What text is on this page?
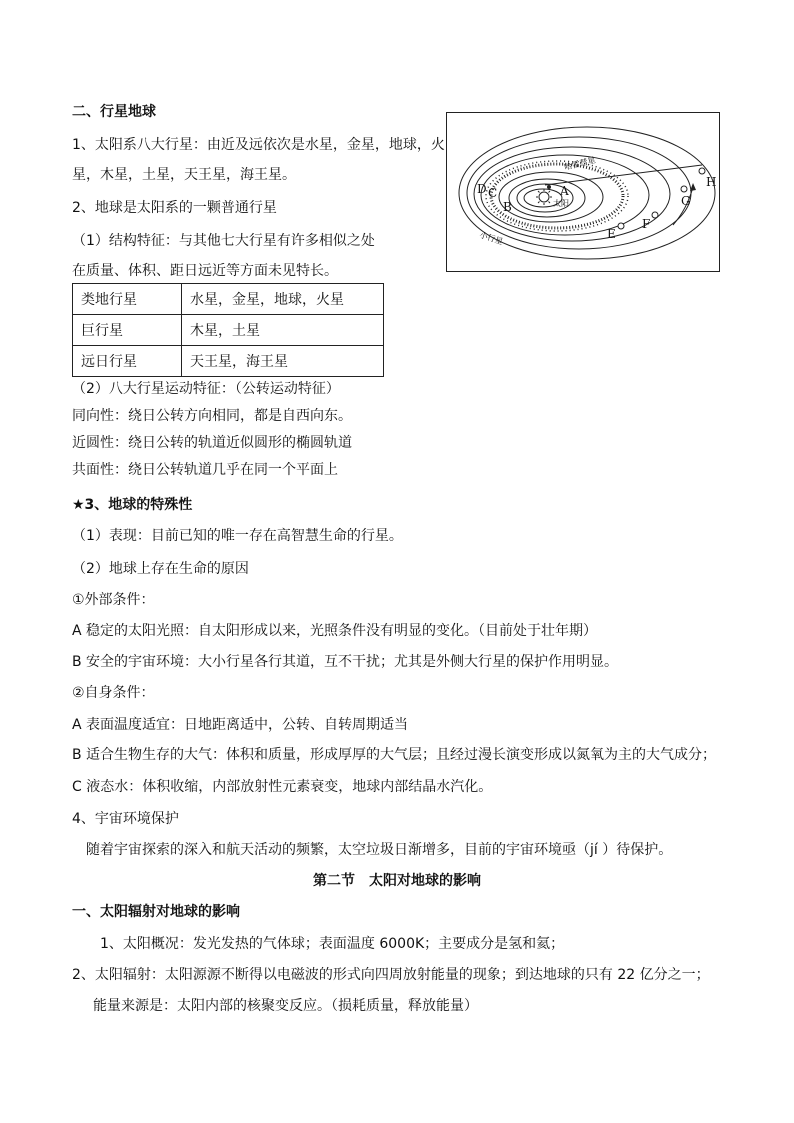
二、行星地球
1、太阳系八大行星：由近及远依次是水星，金星，地球，火
星，木星，土星，天王星，海王星。
2、地球是太阳系的一颗普通行星
（1）结构特征：与其他七大行星有许多相似之处
在质量、体积、距日远近等方面未见特长。
类地行星	水星，金星，地球，火星
巨行星	木星，土星
远日行星	天王星，海王星
（2）八大行星运动特征：（公转运动特征）
同向性：绕日公转方向相同，都是自西向东。
近圆性：绕日公转的轨道近似圆形的椭圆轨道
共面性：绕日公转轨道几乎在同一个平面上
★3、地球的特殊性
（1）表现：目前已知的唯一存在高智慧生命的行星。
（2）地球上存在生命的原因
①外部条件：
A 稳定的太阳光照：自太阳形成以来，光照条件没有明显的变化。（目前处于壮年期）
B 安全的宇宙环境：大小行星各行其道，互不干扰；尤其是外侧大行星的保护作用明显。
②自身条件：
A 表面温度适宜：日地距离适中，公转、自转周期适当
B 适合生物生存的大气：体积和质量，形成厚厚的大气层；且经过漫长演变形成以氮氧为主的大气成分；
C 液态水：体积收缩，内部放射性元素衰变，地球内部结晶水汽化。
4、宇宙环境保护
随着宇宙探索的深入和航天活动的频繁，太空垃圾日渐增多，目前的宇宙环境亟（jí ）待保护。
第二节　太阳对地球的影响
一、太阳辐射对地球的影响
1、太阳概况：发光发热的气体球；表面温度 6000K；主要成分是氢和氦；
2、太阳辐射：太阳源源不断得以电磁波的形式向四周放射能量的现象；到达地球的只有 22 亿分之一；
能量来源是：太阳内部的核聚变反应。（损耗质量，释放能量）
A
B
C
D
E
F
G
H
太阳
哈雷彗星
小行星
